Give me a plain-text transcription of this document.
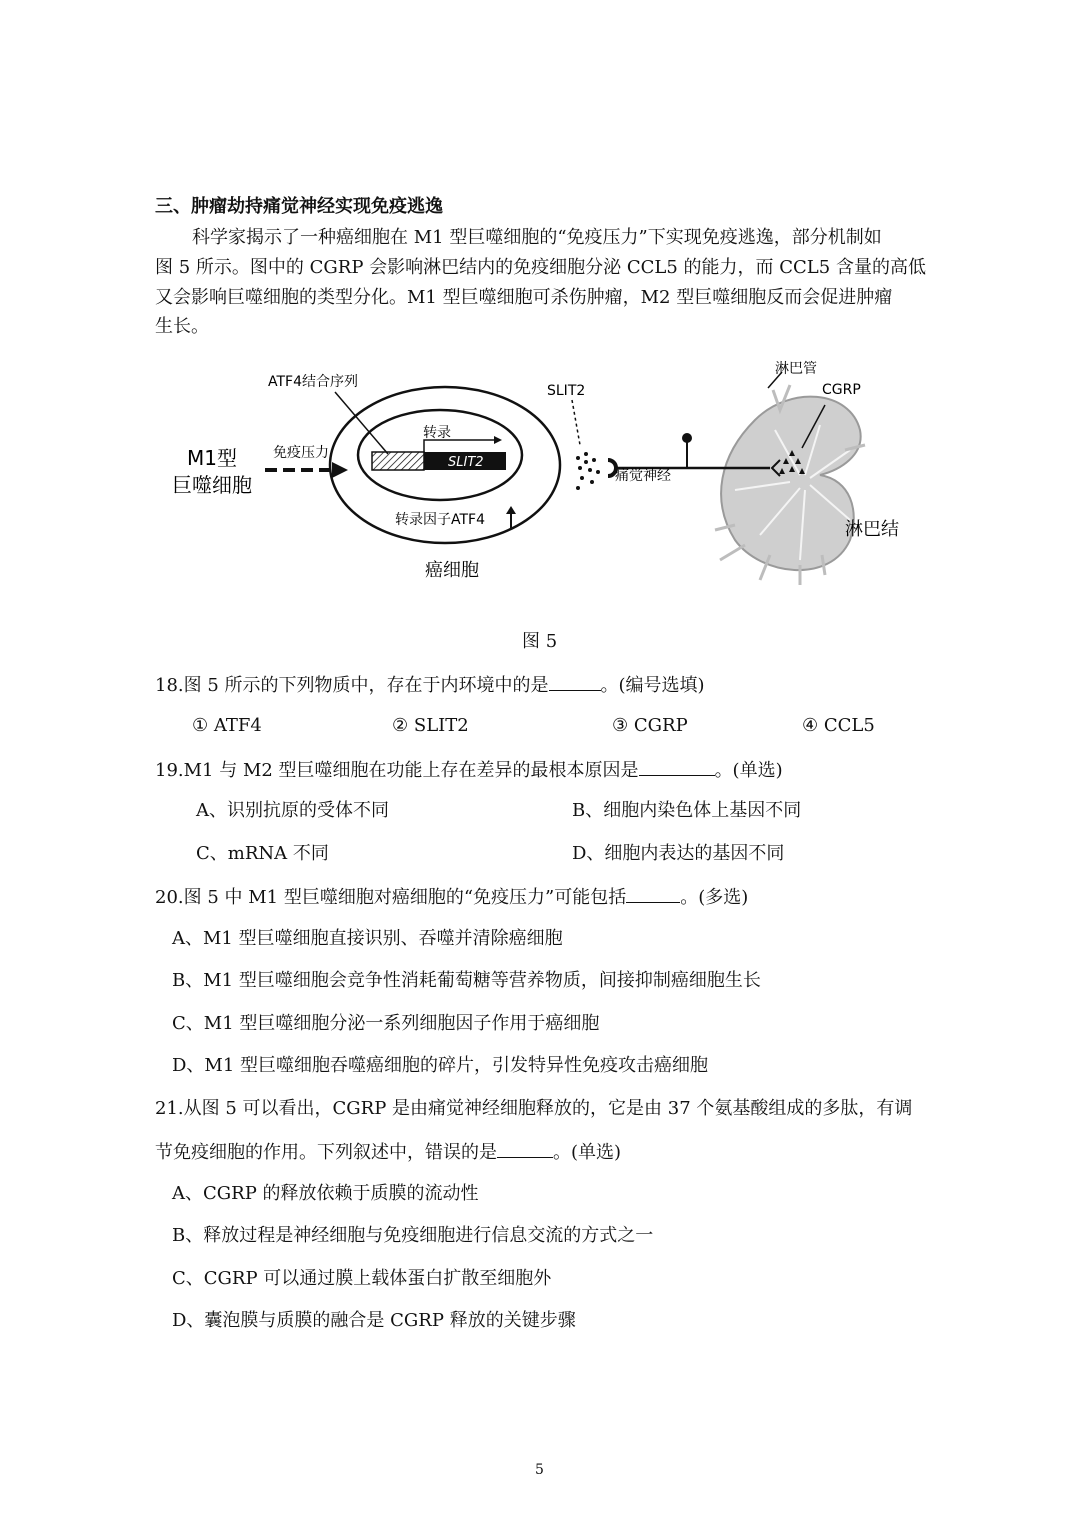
三、肿瘤劫持痛觉神经实现免疫逃逸
科学家揭示了一种癌细胞在 M1 型巨噬细胞的“免疫压力”下实现免疫逃逸，部分机制如
图 5 所示。图中的 CGRP 会影响淋巴结内的免疫细胞分泌 CCL5 的能力，而 CCL5 含量的高低
又会影响巨噬细胞的类型分化。M1 型巨噬细胞可杀伤肿瘤，M2 型巨噬细胞反而会促进肿瘤
生长。
M1型
巨噬细胞
免疫压力
ATF4结合序列
转录
SLIT2
转录因子ATF4
癌细胞
SLIT2
痛觉神经
淋巴管
CGRP
淋巴结
图 5
18.图 5 所示的下列物质中，存在于内环境中的是	。(编号选填)
① ATF4	② SLIT2	③ CGRP	④ CCL5
19.M1 与 M2 型巨噬细胞在功能上存在差异的最根本原因是	。(单选)
A、识别抗原的受体不同	B、细胞内染色体上基因不同
C、mRNA 不同	D、细胞内表达的基因不同
20.图 5 中 M1 型巨噬细胞对癌细胞的“免疫压力”可能包括	。(多选)
A、M1 型巨噬细胞直接识别、吞噬并清除癌细胞
B、M1 型巨噬细胞会竞争性消耗葡萄糖等营养物质，间接抑制癌细胞生长
C、M1 型巨噬细胞分泌一系列细胞因子作用于癌细胞
D、M1 型巨噬细胞吞噬癌细胞的碎片，引发特异性免疫攻击癌细胞
21.从图 5 可以看出，CGRP 是由痛觉神经细胞释放的，它是由 37 个氨基酸组成的多肽，有调
节免疫细胞的作用。下列叙述中，错误的是	。(单选)
A、CGRP 的释放依赖于质膜的流动性
B、释放过程是神经细胞与免疫细胞进行信息交流的方式之一
C、CGRP 可以通过膜上载体蛋白扩散至细胞外
D、囊泡膜与质膜的融合是 CGRP 释放的关键步骤
5
